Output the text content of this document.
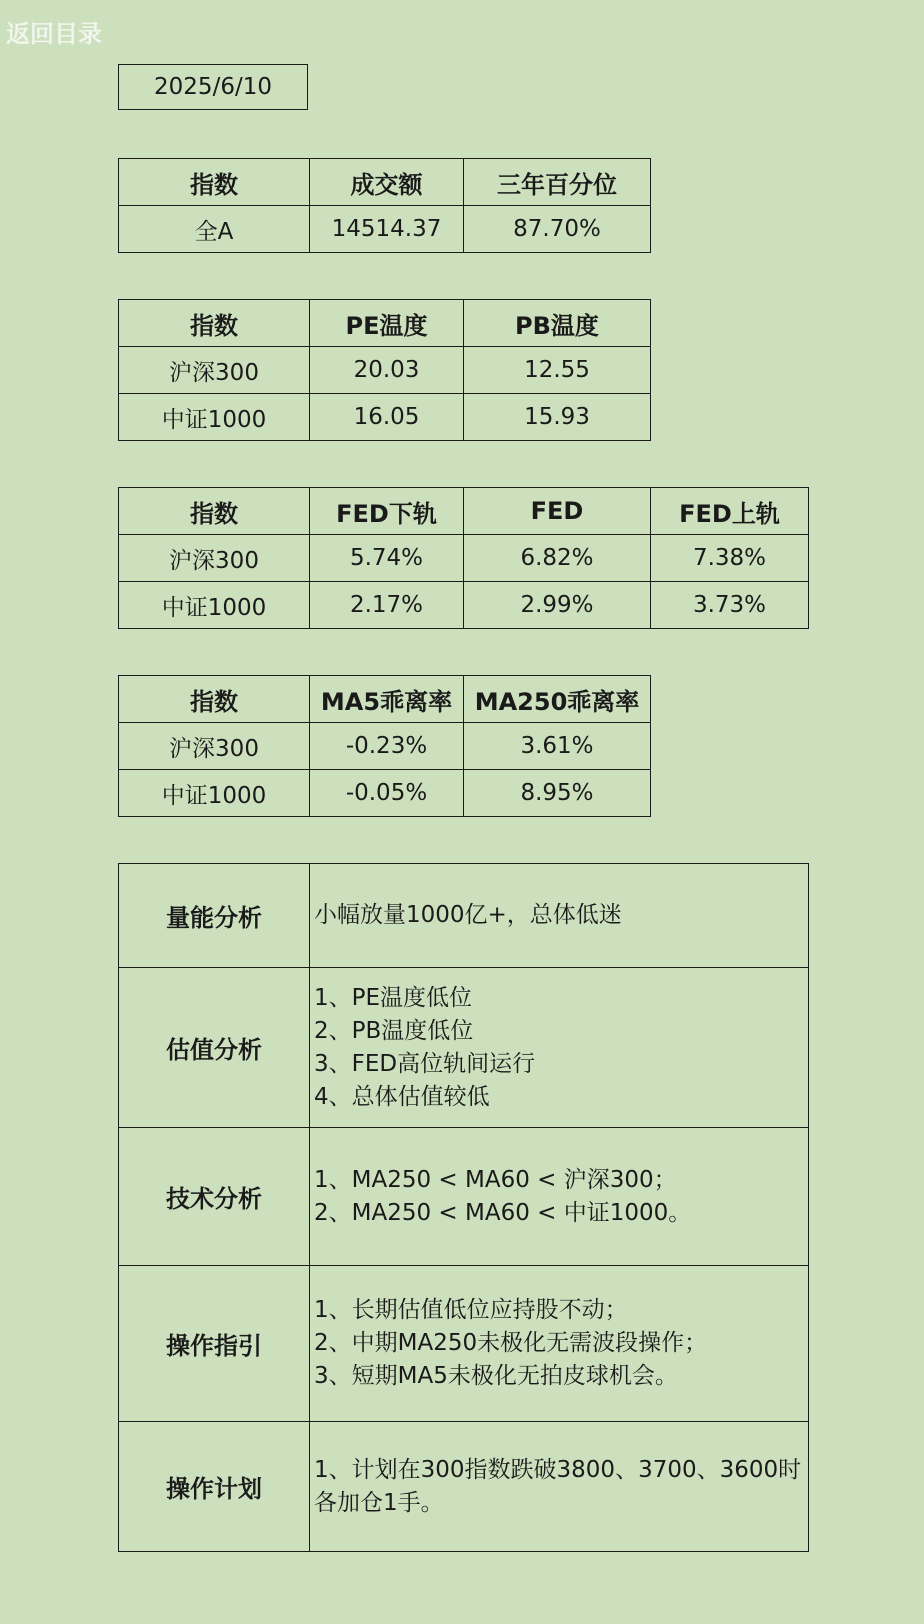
返回目录
2025/6/10
指数	成交额	三年百分位
全A	14514.37	87.70%
指数	PE温度	PB温度
沪深300	20.03	12.55
中证1000	16.05	15.93
指数	FED下轨	FED	FED上轨
沪深300	5.74%	6.82%	7.38%
中证1000	2.17%	2.99%	3.73%
指数	MA5乖离率	MA250乖离率
沪深300	-0.23%	3.61%
中证1000	-0.05%	8.95%
量能分析	小幅放量1000亿+，总体低迷

估值分析	1、PE温度低位
2、PB温度低位
3、FED高位轨间运行
4、总体估值较低

技术分析	1、MA250 < MA60 < 沪深300；
2、MA250 < MA60 < 中证1000。

操作指引	1、长期估值低位应持股不动；
2、中期MA250未极化无需波段操作；
3、短期MA5未极化无拍皮球机会。

操作计划	1、计划在300指数跌破3800、3700、3600时各加仓1手。
